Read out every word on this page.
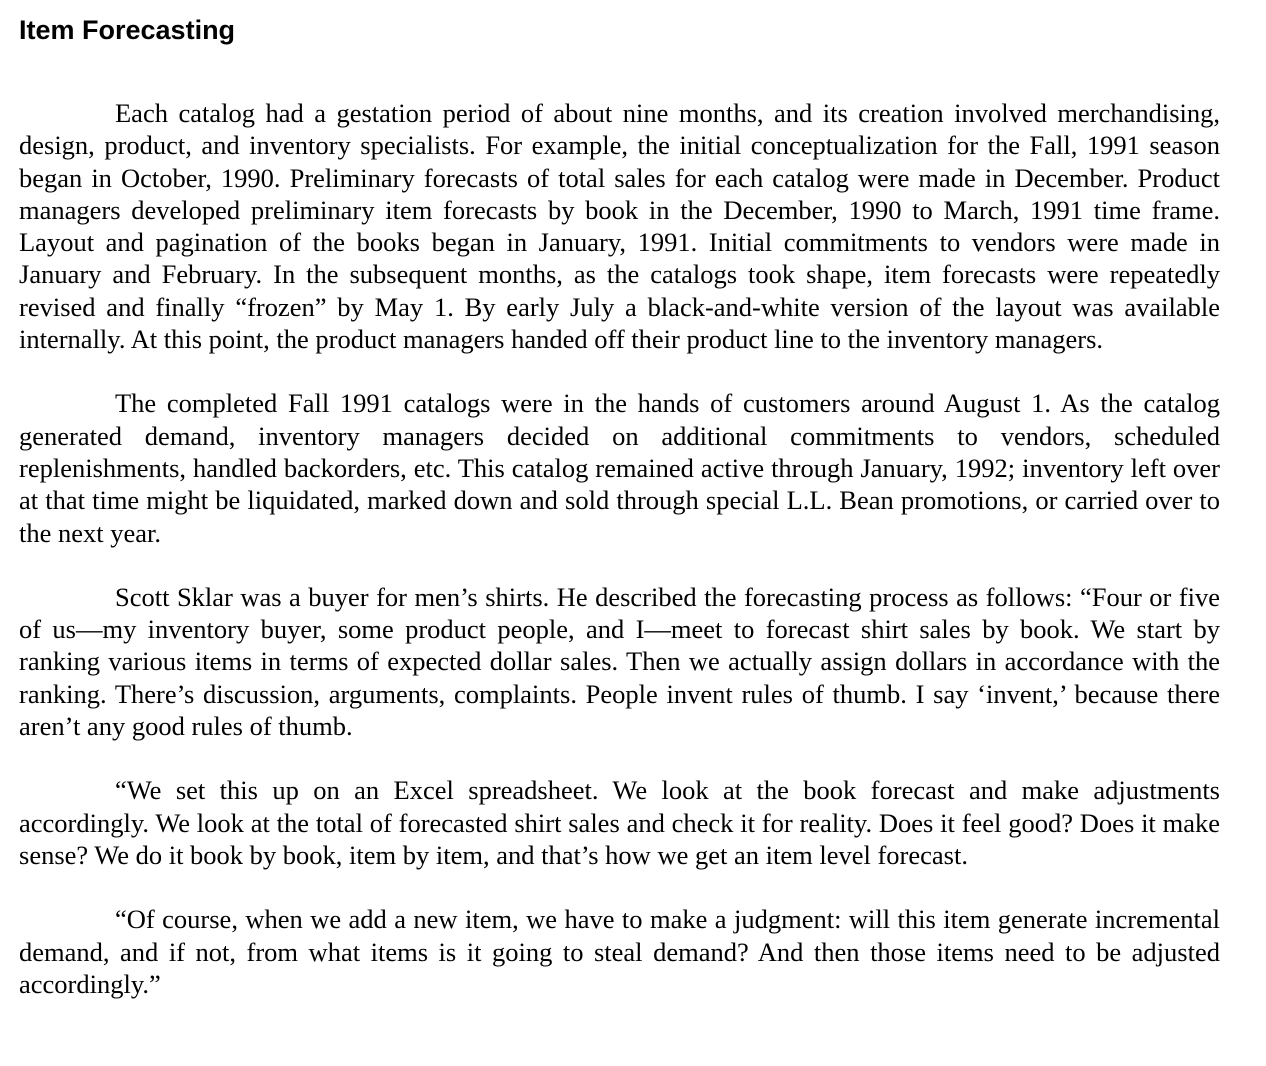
Item Forecasting

Each catalog had a gestation period of about nine months, and its creation involved merchandising, design, product, and inventory specialists. For example, the initial conceptualization for the Fall, 1991 season began in October, 1990. Preliminary forecasts of total sales for each catalog were made in December. Product managers developed preliminary item forecasts by book in the December, 1990 to March, 1991 time frame. Layout and pagination of the books began in January, 1991. Initial commitments to vendors were made in January and February. In the subsequent months, as the catalogs took shape, item forecasts were repeatedly revised and finally “frozen” by May 1. By early July a black-and-white version of the layout was available internally. At this point, the product managers handed off their product line to the inventory managers.

The completed Fall 1991 catalogs were in the hands of customers around August 1. As the catalog generated demand, inventory managers decided on additional commitments to vendors, scheduled replenishments, handled backorders, etc. This catalog remained active through January, 1992; inventory left over at that time might be liquidated, marked down and sold through special L.L. Bean promotions, or carried over to the next year.

Scott Sklar was a buyer for men’s shirts. He described the forecasting process as follows: “Four or five of us—my inventory buyer, some product people, and I—meet to forecast shirt sales by book. We start by ranking various items in terms of expected dollar sales. Then we actually assign dollars in accordance with the ranking. There’s discussion, arguments, complaints. People invent rules of thumb. I say ‘invent,’ because there aren’t any good rules of thumb.

“We set this up on an Excel spreadsheet. We look at the book forecast and make adjustments accordingly. We look at the total of forecasted shirt sales and check it for reality. Does it feel good? Does it make sense? We do it book by book, item by item, and that’s how we get an item level forecast.

“Of course, when we add a new item, we have to make a judgment: will this item generate incremental demand, and if not, from what items is it going to steal demand? And then those items need to be adjusted accordingly.”
